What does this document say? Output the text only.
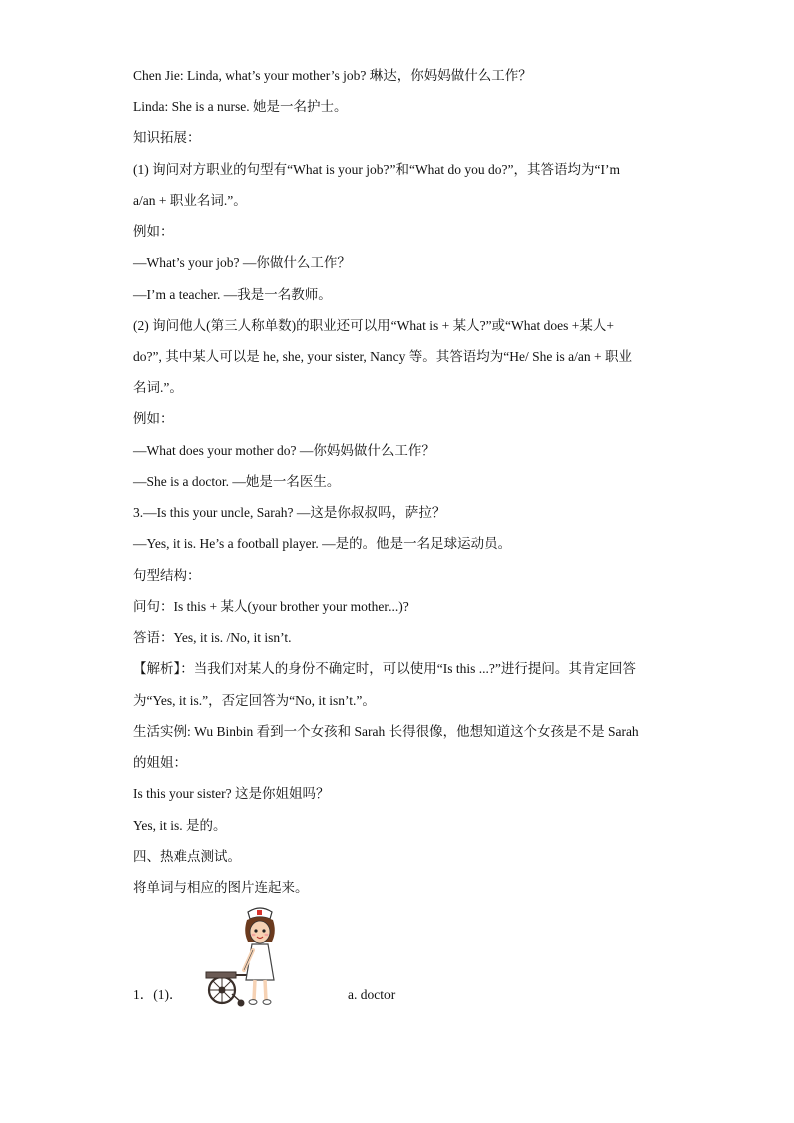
Chen Jie: Linda, what’s your mother’s job? 琳达，你妈妈做什么工作？
Linda: She is a nurse. 她是一名护士。
知识拓展：
(1) 询问对方职业的句型有“What is your job?”和“What do you do?”，其答语均为“I’m
a/an + 职业名词.”。
例如：
—What’s your job? —你做什么工作？
—I’m a teacher. —我是一名教师。
(2) 询问他人(第三人称单数)的职业还可以用“What is + 某人?”或“What does +某人+
do?”, 其中某人可以是 he, she, your sister, Nancy 等。其答语均为“He/ She is a/an + 职业
名词.”。
例如：
—What does your mother do? —你妈妈做什么工作？
—She is a doctor. —她是一名医生。
3.—Is this your uncle, Sarah? —这是你叔叔吗，萨拉？
—Yes, it is. He’s a football player. —是的。他是一名足球运动员。
句型结构：
问句：Is this + 某人(your brother your mother...)?
答语：Yes, it is. /No, it isn’t.
【解析】：当我们对某人的身份不确定时，可以使用“Is this ...?”进行提问。其肯定回答
为“Yes, it is.”，否定回答为“No, it isn’t.”。
生活实例: Wu Binbin 看到一个女孩和 Sarah 长得很像，他想知道这个女孩是不是 Sarah
的姐姐：
Is this your sister? 这是你姐姐吗？
Yes, it is. 是的。
四、热难点测试。
将单词与相应的图片连起来。
1．(1)．	a. doctor
